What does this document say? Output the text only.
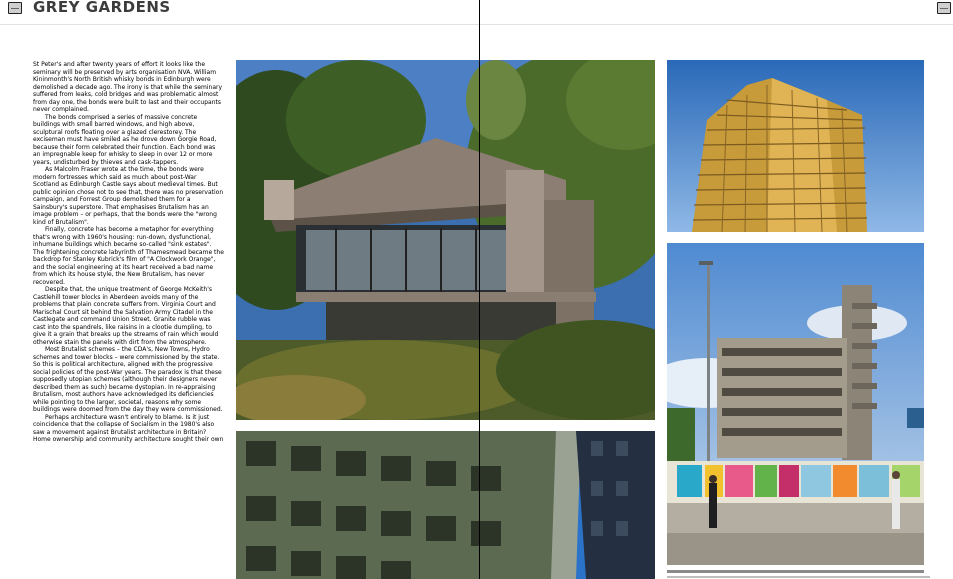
GREY GARDENS

St Peter's and after twenty years of effort it looks like the seminary will be preserved by arts organisation NVA. William Kininmonth's North British whisky bonds in Edinburgh were demolished a decade ago. The irony is that while the seminary suffered from leaks, cold bridges and was problematic almost from day one, the bonds were built to last and their occupants never complained.

The bonds comprised a series of massive concrete buildings with small barred windows, and high above, sculptural roofs floating over a glazed clerestorey. The exciseman must have smiled as he drove down Gorgie Road, because their form celebrated their function. Each bond was an impregnable keep for whisky to sleep in over 12 or more years, undisturbed by thieves and cask-tappers.

As Malcolm Fraser wrote at the time, the bonds were modern fortresses which said as much about post-War Scotland as Edinburgh Castle says about medieval times. But public opinion chose not to see that, there was no preservation campaign, and Forrest Group demolished them for a Sainsbury's superstore. That emphasises Brutalism has an image problem – or perhaps, that the bonds were the "wrong kind of Brutalism".

Finally, concrete has become a metaphor for everything that's wrong with 1960's housing: run-down, dysfunctional, inhumane buildings which became so-called "sink estates". The frightening concrete labyrinth of Thamesmead became the backdrop for Stanley Kubrick's film of "A Clockwork Orange", and the social engineering at its heart received a bad name from which its house style, the New Brutalism, has never recovered.

Despite that, the unique treatment of George McKeith's Castlehill tower blocks in Aberdeen avoids many of the problems that plain concrete suffers from. Virginia Court and Marischal Court sit behind the Salvation Army Citadel in the Castlegate and command Union Street. Granite rubble was cast into the spandrels, like raisins in a clootie dumpling, to give it a grain that breaks up the streams of rain which would otherwise stain the panels with dirt from the atmosphere.

Most Brutalist schemes – the CDA's, New Towns, Hydro schemes and tower blocks – were commissioned by the state. So this is political architecture, aligned with the progressive social policies of the post-War years. The paradox is that these supposedly utopian schemes (although their designers never described them as such) became dystopian. In re-appraising Brutalism, most authors have acknowledged its deficiencies while pointing to the larger, societal, reasons why some buildings were doomed from the day they were commissioned.

Perhaps architecture wasn't entirely to blame. Is it just coincidence that the collapse of Socialism in the 1980's also saw a movement against Brutalist architecture in Britain? Home ownership and community architecture sought their own
